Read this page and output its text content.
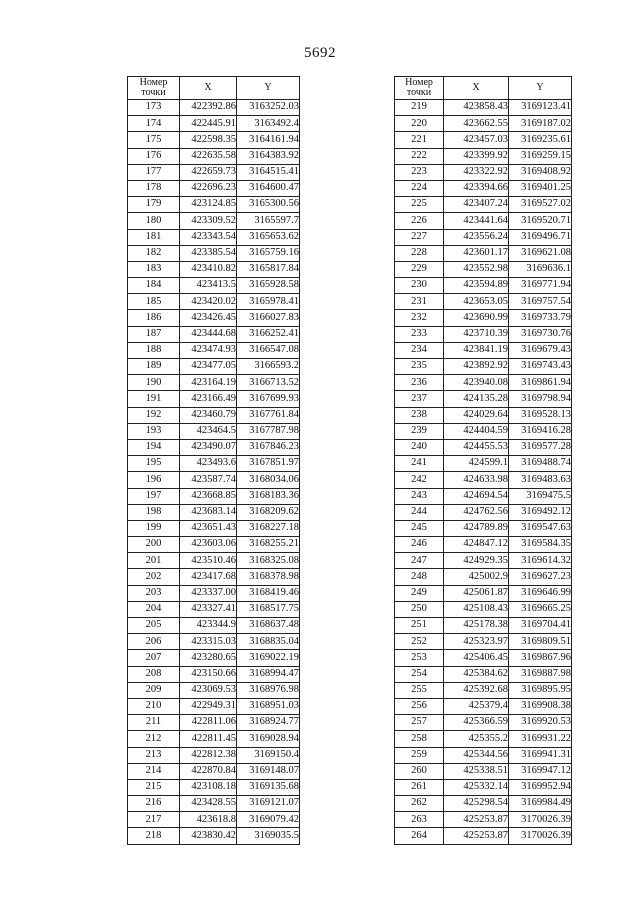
5692
Номер
точки	X	Y
173	422392.86	3163252.03
174	422445.91	3163492.4
175	422598.35	3164161.94
176	422635.58	3164383.92
177	422659.73	3164515.41
178	422696.23	3164600.47
179	423124.85	3165300.56
180	423309.52	3165597.7
181	423343.54	3165653.62
182	423385.54	3165759.16
183	423410.82	3165817.84
184	423413.5	3165928.58
185	423420.02	3165978.41
186	423426.45	3166027.83
187	423444.68	3166252.41
188	423474.93	3166547.08
189	423477.05	3166593.2
190	423164.19	3166713.52
191	423166.49	3167699.93
192	423460.79	3167761.84
193	423464.5	3167787.98
194	423490.07	3167846.23
195	423493.6	3167851.97
196	423587.74	3168034.06
197	423668.85	3168183.36
198	423683.14	3168209.62
199	423651.43	3168227.18
200	423603.06	3168255.21
201	423510.46	3168325.08
202	423417.68	3168378.98
203	423337.00	3168419.46
204	423327.41	3168517.75
205	423344.9	3168637.48
206	423315.03	3168835.04
207	423280.65	3169022.19
208	423150.66	3168994.47
209	423069.53	3168976.98
210	422949.31	3168951.03
211	422811.06	3168924.77
212	422811.45	3169028.94
213	422812.38	3169150.4
214	422870.84	3169148.07
215	423108.18	3169135.68
216	423428.55	3169121.07
217	423618.8	3169079.42
218	423830.42	3169035.5
Номер
точки	X	Y
219	423858.43	3169123.41
220	423662.55	3169187.02
221	423457.03	3169235.61
222	423399.92	3169259.15
223	423322.92	3169408.92
224	423394.66	3169401.25
225	423407.24	3169527.02
226	423441.64	3169520.71
227	423556.24	3169496.71
228	423601.17	3169621.08
229	423552.98	3169636.1
230	423594.89	3169771.94
231	423653.05	3169757.54
232	423690.99	3169733.79
233	423710.39	3169730.76
234	423841.19	3169679.43
235	423892.92	3169743.43
236	423940.08	3169861.94
237	424135.28	3169798.94
238	424029.64	3169528.13
239	424404.59	3169416.28
240	424455.53	3169577.28
241	424599.1	3169488.74
242	424633.98	3169483.63
243	424694.54	3169475.5
244	424762.56	3169492.12
245	424789.89	3169547.63
246	424847.12	3169584.35
247	424929.35	3169614.32
248	425002.9	3169627.23
249	425061.87	3169646.99
250	425108.43	3169665.25
251	425178.38	3169704.41
252	425323.97	3169809.51
253	425406.45	3169867.96
254	425384.62	3169887.98
255	425392.68	3169895.95
256	425379.4	3169908.38
257	425366.59	3169920.53
258	425355.2	3169931.22
259	425344.56	3169941.31
260	425338.51	3169947.12
261	425332.14	3169952.94
262	425298.54	3169984.49
263	425253.87	3170026.39
264	425253.87	3170026.39
